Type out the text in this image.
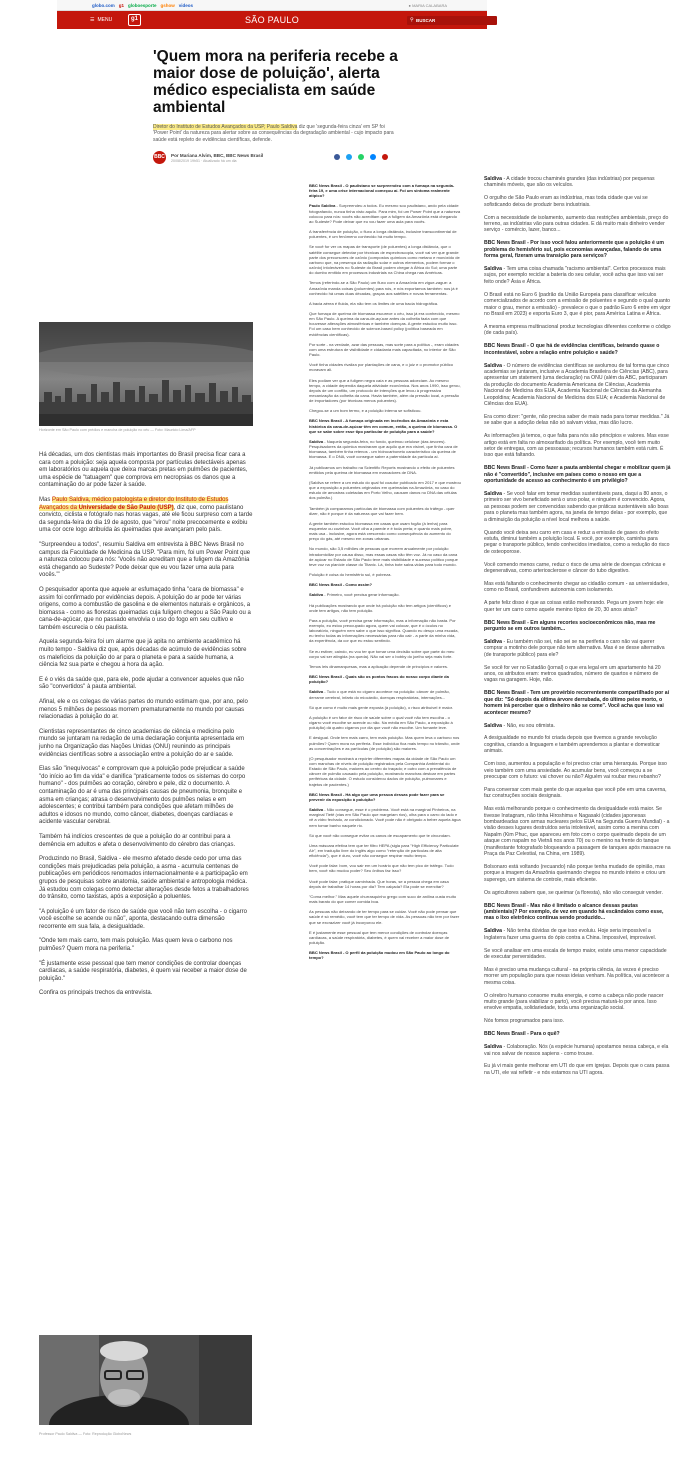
globo.com g1 globoesporte gshow videos	● MARIA CALABARA
☰ MENU	g1	SÃO PAULO	⚲ BUSCAR
'Quem mora na periferia recebe a maior dose de poluição', alerta médico especialista em saúde ambiental

Diretor do Instituto de Estudos Avançados da USP, Paulo Saldiva diz que 'segunda-feira cinza' em SP foi 'Power Point' da natureza para alertar sobre as consequências da degradação ambiental - cujo impacto para saúde está repleto de evidências científicas, defende.

BBC Por Mariana Alvim, BBC, BBC News Brasil
20/08/2019 19h51 · Atualizado há um dia
Horizonte em São Paulo com prédios e mancha de poluição no céu — Foto: Mauricio Lima/AFP

Há décadas, um dos cientistas mais importantes do Brasil precisa ficar cara a cara com a poluição: seja aquela composta por partículas detectáveis apenas em laboratórios ou aquela que deixa marcas pretas em pulmões de pacientes, uma espécie de "tatuagem" que comprova em necropsias os danos que a contaminação do ar pode fazer à saúde.

Mas Paulo Saldiva, médico patologista e diretor do Instituto de Estudos Avançados da Universidade de São Paulo (USP), diz que, como paulistano convicto, ciclista e fotógrafo nas horas vagas, até ele ficou surpreso com a tarde da segunda-feira do dia 19 de agosto, que "virou" noite precocemente e exibiu uma cor ocre logo atribuída às queimadas que avançaram pelo país.

"Surpreendeu a todos", resumiu Saldiva em entrevista à BBC News Brasil no campus da Faculdade de Medicina da USP. "Para mim, foi um Power Point que a natureza colocou para nós: 'Vocês não acreditam que a fuligem da Amazônia está chegando ao Sudeste? Pode deixar que eu vou fazer uma aula para vocês.'"

O pesquisador aponta que aquele ar esfumaçado tinha "cara de biomassa" e assim foi confirmado por evidências depois. A poluição do ar pode ter várias origens, como a combustão de gasolina e de elementos naturais e orgânicos, a biomassa - como as florestas queimadas cuja fuligem chegou a São Paulo ou a cana-de-açúcar, que no passado envolvia o uso do fogo em seu cultivo e também escurecia o céu paulista.

Aquela segunda-feira foi um alarme que já apita no ambiente acadêmico há muito tempo - Saldiva diz que, após décadas de acúmulo de evidências sobre os malefícios da poluição do ar para o planeta e para a saúde humana, a ciência fez sua parte e chegou a hora da ação.

E é o viés da saúde que, para ele, pode ajudar a convencer aqueles que não são "convertidos" à pauta ambiental.

Afinal, ele e os colegas de várias partes do mundo estimam que, por ano, pelo menos 5 milhões de pessoas morrem prematuramente no mundo por causas relacionadas à poluição do ar.

Cientistas representantes de cinco academias de ciência e medicina pelo mundo se juntaram na redação de uma declaração conjunta apresentada em junho na Organização das Nações Unidas (ONU) reunindo as principais evidências científicas sobre a associação entre a poluição do ar e saúde.

Elas são "inequívocas" e comprovam que a poluição pode prejudicar a saúde "do início ao fim da vida" e danifica "praticamente todos os sistemas do corpo humano" - dos pulmões ao coração, cérebro e pele, diz o documento. A contaminação do ar é uma das principais causas de pneumonia, bronquite e asma em crianças; atrasa o desenvolvimento dos pulmões nelas e em adolescentes; e contribui também para condições que afetam milhões de adultos e idosos no mundo, como câncer, diabetes, doenças cardíacas e acidente vascular cerebral.

Também há indícios crescentes de que a poluição do ar contribui para a demência em adultos e afeta o desenvolvimento do cérebro das crianças.

Produzindo no Brasil, Saldiva - ele mesmo afetado desde cedo por uma das condições mais prejudicadas pela poluição, a asma - acumula centenas de publicações em periódicos renomados internacionalmente e a participação em grupos de pesquisas sobre anatomia, saúde ambiental e antropologia médica. Já estudou com colegas como detectar alterações desde fetos a trabalhadores do trânsito, como taxistas, após a exposição a poluentes.

"A poluição é um fator de risco de saúde que você não tem escolha - o cigarro você escolhe se acende ou não", aponta, destacando outra dimensão recorrente em sua fala, a desigualdade.

"Onde tem mais carro, tem mais poluição. Mas quem leva o carbono nos pulmões? Quem mora na periferia."

"É justamente esse pessoal que tem menor condições de controlar doenças cardíacas, a saúde respiratória, diabetes, é quem vai receber a maior dose de poluição."

Confira os principais trechos da entrevista.

Professor Paulo Saldiva — Foto: Reprodução GloboNews

BBC News Brasil - O paulistano se surpreendeu com a fumaça na segunda-feira 19, e uma crise internacional começou aí. Foi um sintoma realmente atípico?

Paulo Saldiva - Surpreendeu a todos. Eu mesmo sou paulistano, ando pela cidade fotografando, nunca tinha visto aquilo. Para mim, foi um Power Point que a natureza colocou para nós: vocês não acreditam que a fuligem da Amazônia está chegando ao Sudeste? Pode deixar que eu vou fazer uma aula para vocês.

A transferência de poluição, o fluxo a longa distância, inclusive transcontinental de poluentes, é um fenômeno conhecido há muito tempo.

Se você for ver os mapas de transporte (de poluentes) a longa distância, que o satélite consegue detectar por técnicas de espectroscopia, você vai ver que grande parte dos precursores de ozônio (compostos químicos como metano e monóxido de carbono que, na presença da radiação solar e outros elementos, podem formar o ozônio) intoleráveis no Sudeste do Brasil podem chegar à África do Sul; uma parte do dumbo emitido em processos industriais na China chega nas Américas.

Temos (referindo-se a São Paulo) um fluxo com a Amazônia em zigue-zague: a Amazônia manda coisas (poluentes) para nós, e nós exportamos também: nos já é conhecido há umas duas décadas, graças aos satélites e novas ferramentas.

A bacia aérea é fluida, ela não tem os limites de uma bacia hidrográfica.

Que fumaça de queima de biomassa escurece o céu, isso já era conhecido, mesmo em São Paulo. A queima da cana-de-açúcar antes da colheita fazia com que houvesse alterações atmosféricas e também doenças. A gente estudou muito isso. Foi um caso bem conhecido de science-based policy (política baseada em evidências científicas).

Por sorte - na verdade, azar das pessoas, mas sorte para a política -, eram cidades com uma estrutura de visibilidade e cidadania mais capacitada, no interior de São Paulo.

Você tinha cidades rivaliza por plantações de cana, e o juiz e o promotor público moravam ali.

Eles podiam ver que a fuligem negra caía e as pessoas adoeciam. Ao mesmo tempo, a cidade dependia daquela atividade econômica. Nos anos 1990, isso gerou, depois de um conflito, um protocolo de intenções que levou à progressiva mecanização da colheita da cana. Havia também, além da pressão local, a pressão de importadores (por técnicas menos poluentes).

Chegou-se a um bom termo, e a poluição interna se sofisticou.

BBC News Brasil - A fumaça originada em incêndios da Amazônia e esta histórica da cana-de-açúcar têm em comum, então, a queima de biomassa. O que se sabe sobre esse tipo particular de poluição para a saúde?

Saldiva - Naquela segunda-feira, no fundo, queimou celulose (das árvores). Pesquisadores da química mostraram que aquilo que era visível, que tinha cara de biomassa, também tinha retenos - um hidrocarboneto característico da queima de biomassa. E o DNA, você consegue saber a paternidade da partícula aí.

Já publicamos um trabalho na Scientific Reports mostrando o efeito de poluentes emitidos pela queima de biomassa em marcadores de DNA.

(Saldiva se refere a um estudo do qual foi coautor publicado em 2017 e que mostrou que a exposição a poluentes originados em queimadas na Amazônia, no caso do estudo de amostras coletadas em Porto Velho, causam danos no DNA das células dos pulmão.)

Também já comparamos partículas de biomassa com poluentes do tráfego - quer dizer, não é porque é da natureza que vai fazer bem.

A gente também estudou biomassa em casas que usam fogão (à lenha) para esquentar ou cozinhar. Você olha a parede e é toda preta; e quanto mais pobre, mais usa - inclusive, agora está crescendo como consequência do aumento do preço do gás, até mesmo em zonas urbanas.

No mundo, são 3,5 milhões de pessoas que morrem anualmente por poluição intradomiciliar por causa disso, mas essas casas não têm voz. Já no caso da cana de açúcar no Estado de São Paulo teve mais visibilidade e sucesso político porque teve voz na planície classe do Titanic. Lá, tinha bote salva-vidas para todo mundo.

Poluição é coisa do hemisfério sul, é pobreza.

BBC News Brasil - Como assim?

Saldiva - Primeiro, você precisa gerar informação.

Há publicações mostrando que onde há poluição não tem artigos (científicos) e onde tem artigos, não tem poluição.

Para a poluição, você precisa gerar informação, mas a informação não basta. Por exemplo, eu estou preocupado agora, quem vai colocar, que é o óculos no laboratório, ninguém nem sabe o que isso significa. Quando eu desço uma escada, eu tenho todas as informações necessárias para não cair - a parte da minha vida, da experiência, da cor que eu estou sentindo.

Se eu estiver, caindo, eu vou ter que tomar uma decisão sobre que parte do meu corpo vai ser atingida (na queda). Não vai ser o bobby do joelho seja mais forte.

Temos leis dinamarquesas, mas a aplicação depende de princípios e valores.

BBC News Brasil - Quais são os pontos fracos do nosso corpo diante da poluição?

Saldiva - Tudo o que está no cigarro acontece na poluição: câncer de pulmão, derrame cerebral, infarto do miocárdio, doenças respiratórias, internações...

Só que como é muito mais gente exposta (à poluição), o risco atribuível é maior.

A poluição é um fator de risco de saúde sobre o qual você não tem escolha - o cigarro você escolhe se acende ou não. Na média em São Paulo, a exposição à poluição) dá quatro cigarros por dia que você não escolhe. Um fumante leve.

E desigual. Onde tem mais carro, tem mais poluição. Mas quem leva o carbono nos pulmões? Quem mora na periferia. Esse indivíduo fica mais tempo no trânsito, onde as concentrações e as partículas (de poluição) são maiores.

(O pesquisador mostrará a repórter diferentes mapas da cidade de São Paulo um com manchas de níveis de poluição registrados pela Companhia Ambiental do Estado de São Paulo, maiores ao centro do traçado; e outro com a prevalência de câncer de pulmão causado pela poluição, mostrando manchas destoar em partes periféricas da cidade. O estudo considerou dados de poluição, pulmonares e trajetos de pacientes.)

BBC News Brasil - Há algo que uma pessoa dessas pode fazer para se prevenir da exposição à poluição?

Saldiva - Não consegue, esse é o problema. Você está na marginal Pinheiros, na marginal Tietê (vias em São Paulo que margeiam rios), olha para o carro do lado e vê a vidro fechado, ar condicionado. Você pode não é obrigado a beber aquela água nem tomar banho naquele rio.

Só que você não consegue evitar os canos de escapamento que te circundam.

Uma máscara efetiva tem que ter filtro HEPA (sigla para "High Efficiency Particulate Air", em tradução livre do inglês algo como "retenção de partículas de alta eficiência"), que é duro, você não consegue respirar muito tempo.

Você pode falar: bom, vou sair em um horário que não tem pico de tráfego. Tudo bem, você não mudou poder? Seu ônibus faz isso?

Você pode falar: pratique caminhada. Que horas, se a pessoa chega em casa depois de trabalhar 14 horas por dia? Tem calçada? Ela pode se exercitar?

"Coma melhor." Mas aquele churrasquinho grego com suco de anilina custa muito mais barato do que comer comida boa.

As pessoas não deixando de ter tempo para se cuidar. Você não pode pensar que saúde é só remédio, você tem que ter tempo de vida. As pessoas não tem por fazer que se excrazizer você já incorporou ele.

E é justamente esse pessoal que tem menor condições de controlar doenças cardíacas, a saúde respiratória, diabetes, é quem vai receber a maior dose de poluição.

BBC News Brasil - O perfil da poluição mudou em São Paulo ao longo do tempo?

Saldiva - A cidade trocou chaminés grandes (das indústrias) por pequenas chaminés móveis, que são os veículos.

O orgulho de São Paulo eram as indústrias, mas toda cidade que vai se sofisticando deixa de produzir bens industriais.

Com a necessidade de isolamento, aumento das restrições ambientais, preço do terreno, as indústrias vão para outras cidades. E dá muito mais dinheiro vender serviço - comércio, lazer, banco...

BBC News Brasil - Por isso você falou anteriormente que a poluição é um problema do hemisfério sul, pois economias avançadas, falando de uma forma geral, fizeram uma transição para serviços?

Saldiva - Tem uma coisa chamada "racismo ambiental". Certos processos mais sujos, por exemplo reciclar a bateria do seu celular, você acha que isso vai ser feito onde? Ásia e África.

O Brasil está no Euro 6 (padrão da União Europeia para classificar veículos comercializados de acordo com a emissão de poluentes e segundo o qual quanto maior o grau, menor a emissão) - prevalece o que o padrão Euro 6 entre em vigor no Brasil em 2023) e exporta Euro 3, que é pior, para América Latina e África.

A mesma empresa multinacional produz tecnologias diferentes conforme o código (de cada país).

BBC News Brasil - O que há de evidências científicas, beirando quase o incontestável, sobre a relação entre poluição e saúde?

Saldiva - O número de evidências científicas se avolumou de tal forma que cinco academias se juntaram, inclusive a Academia Brasileira de Ciências (ABC), para apresentar um statement (uma declaração) na ONU (além da ABC, participaram da produção do documento Academia Americana de Ciências, Academia Nacional de Medicina dos EUA, Academia Nacional de Ciências da Alemanha Leopoldina; Academia Nacional de Medicina dos EUA; e Academia Nacional de Ciências dos EUA).

Era como dizer: "gente, não precisa saber de mais nada para tomar medidas." Já se sabe que a adoção delas não só salvam vidas, mas dão lucro.

As informações já temos, o que falta para nós são princípios e valores. Mas esse artigo está em falta no almoxarifado da política. Por exemplo, você tem muito setor de entregas, com as pessoasas; recursos humanos também está ruim. É isso que está faltando.

BBC News Brasil - Como fazer a pauta ambiental chegar e mobilizar quem já não é "convertido", inclusive em países como o nosso em que a oportunidade de acesso ao conhecimento é um privilégio?

Saldiva - Se você falar em tomar medidas sustentáveis para, daqui a 80 anos, o primeiro ser vivo beneficiado será o urso polar, e ninguém é convencido. Agora, as pessoas podem ser convencidas sabendo que práticas sustentáveis são boas para o planeta mas também agora, na janela de tempo delas - por exemplo, que a diminuição da poluição a nível local melhora a saúde.

Quando você deixa seu carro em casa e reduz a emissão de gases do efeito estufa, diminui também a poluição local. E você, por exemplo, caminha para pegar o transporte público, tendo conhecidos imediatos, como a redução do risco de osteoporose.

Você comendo menos carne, reduz o risco de uma série de doenças crônicas e degenerativas, como arteriosclerose e câncer do tubo digestivo.

Mas está faltando o conhecimento chegar ao cidadão comum - as universidades, como no Brasil, confundirem autonomia com isolamento.

A parte feliz disso é que as coisas estão melhorando. Pega um jovem hoje: ele quer ter um carro como aquele menino típico de 20, 30 anos atrás?

BBC News Brasil - Em alguns recortes socioeconômicos não, mas me pergunto se em outros também...

Saldiva - Eu também não sei, não sei se na periferia o caro não vai querer comprar a motinho dele porque não tem alternativa. Mas é se desse alternativa (de transporte público) para ele?

Se você for ver no Estadão (jornal) o que era legal em um apartamento há 20 anos, os atributos eram: metros quadrados, número de quartos e número de vagas na garagem. Hoje, não.

BBC News Brasil - Tem um provérbio recorrentemente compartilhado por aí que diz: "Só depois da última árvore derrubada, do último peixe morto, o homem irá perceber que o dinheiro não se come". Você acha que isso vai acontecer mesmo?

Saldiva - Não, eu sou otimista.

A desigualdade no mundo foi criada depois que tivemos a grande revolução cognitiva, criando a linguagem e também aprendemos a plantar e domesticar animais.

Com isso, aumentou a população e foi preciso criar uma hierarquia. Porque isso veio também com uma ansiedade. Ao acumular bens, você começou a se preocupar com o futuro: vai chover ou não? Alguém vai roubar meu rebanho?

Para conversar com mais gente do que aquelas que você pôe em uma caverna, faz construções sociais designais.

Mas está melhorando porque o conhecimento da desigualdade está maior. Se tivesse Instagram, não tinha Hiroshima e Nagasaki (cidades japonesas bombardeadas com armas nucleares pelos EUA na Segunda Guerra Mundial) - a visão desses lugares destruídos seria intolerável, assim como a menina com Napalm (Kim Phuc, que apareceu em foto com o corpo queimado depois de um ataque com napalm no Vietnã nos anos 70) ou o menino na frente do tanque (manifestante fotografado bloqueando a passagem de tanques após massacre na Praça da Paz Celestial, na China, em 1989).

Bolsonaro está voltando (recuando) não porque tenha mudado de opinião, mas porque a imagem da Amazônia queimando chegou no mundo inteiro e criou um superego, um sistema de controle, mais eficiente.

Os agricultores sabem que, se queimar (a floresta), não vão conseguir vender.

BBC News Brasil - Mas não é limitado o alcance dessas pautas (ambientais)? Por exemplo, de vez em quando há escândalos como esse, mas o lixo eletrônico continua sendo produzido...

Saldiva - Não tenha dúvidas de que isso evoluiu. Hoje seria impossível a Inglaterra fazer uma guerra do ópio contra a China. Impossível, improvável.

Se você analisar em uma escala de tempo maior, existe uma menor capacidade de executar perversidades.

Mas é preciso uma mudança cultural - na própria ciência, às vezes é preciso morrer um população para que novas ideias venham. Na política, vai acontecer a mesma coisa.

O cérebro humano consome muita energia, e como a cabeça não pode nascer muito grande (para viabilizar o parto), você precisa maturá-lo por anos. Isso envolve empatia, solidariedade, toda uma organização social.

Nós fomos programados para isso.

BBC News Brasil - Para o quê?

Saldiva - Colaboração. Nós (a espécie humana) apostamos nessa cabeça, e ela vai nos salvar de nossos sapiens - como trouxe.

Eu já vi mais gente melhorar em UTI do que em igrejas. Depois que o cara passa na UTI, ele vai refletir - e nós estamos na UTI agora.
